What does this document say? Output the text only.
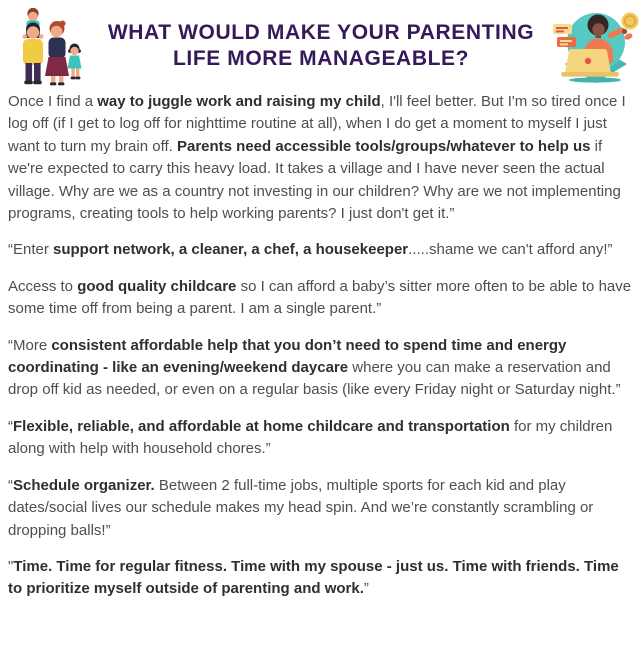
WHAT WOULD MAKE YOUR PARENTING
LIFE MORE MANAGEABLE?

Once I find a way to juggle work and raising my child, I'll feel better. But I'm so tired once I log off (if I get to log off for nighttime routine at all), when I do get a moment to myself I just want to turn my brain off. Parents need accessible tools/groups/whatever to help us if we're expected to carry this heavy load. It takes a village and I have never seen the actual village. Why are we as a country not investing in our children? Why are we not implementing programs, creating tools to help working parents? I just don't get it.”

“Enter support network, a cleaner, a chef, a housekeeper.....shame we can't afford any!”

Access to good quality childcare so I can afford a baby’s sitter more often to be able to have some time off from being a parent. I am a single parent.”

“More consistent affordable help that you don’t need to spend time and energy coordinating - like an evening/weekend daycare where you can make a reservation and drop off kid as needed, or even on a regular basis (like every Friday night or Saturday night.”

“Flexible, reliable, and affordable at home childcare and transportation for my children along with help with household chores.”

“Schedule organizer. Between 2 full-time jobs, multiple sports for each kid and play dates/social lives our schedule makes my head spin. And we’re constantly scrambling or dropping balls!”

"Time. Time for regular fitness. Time with my spouse - just us. Time with friends. Time to prioritize myself outside of parenting and work.”
